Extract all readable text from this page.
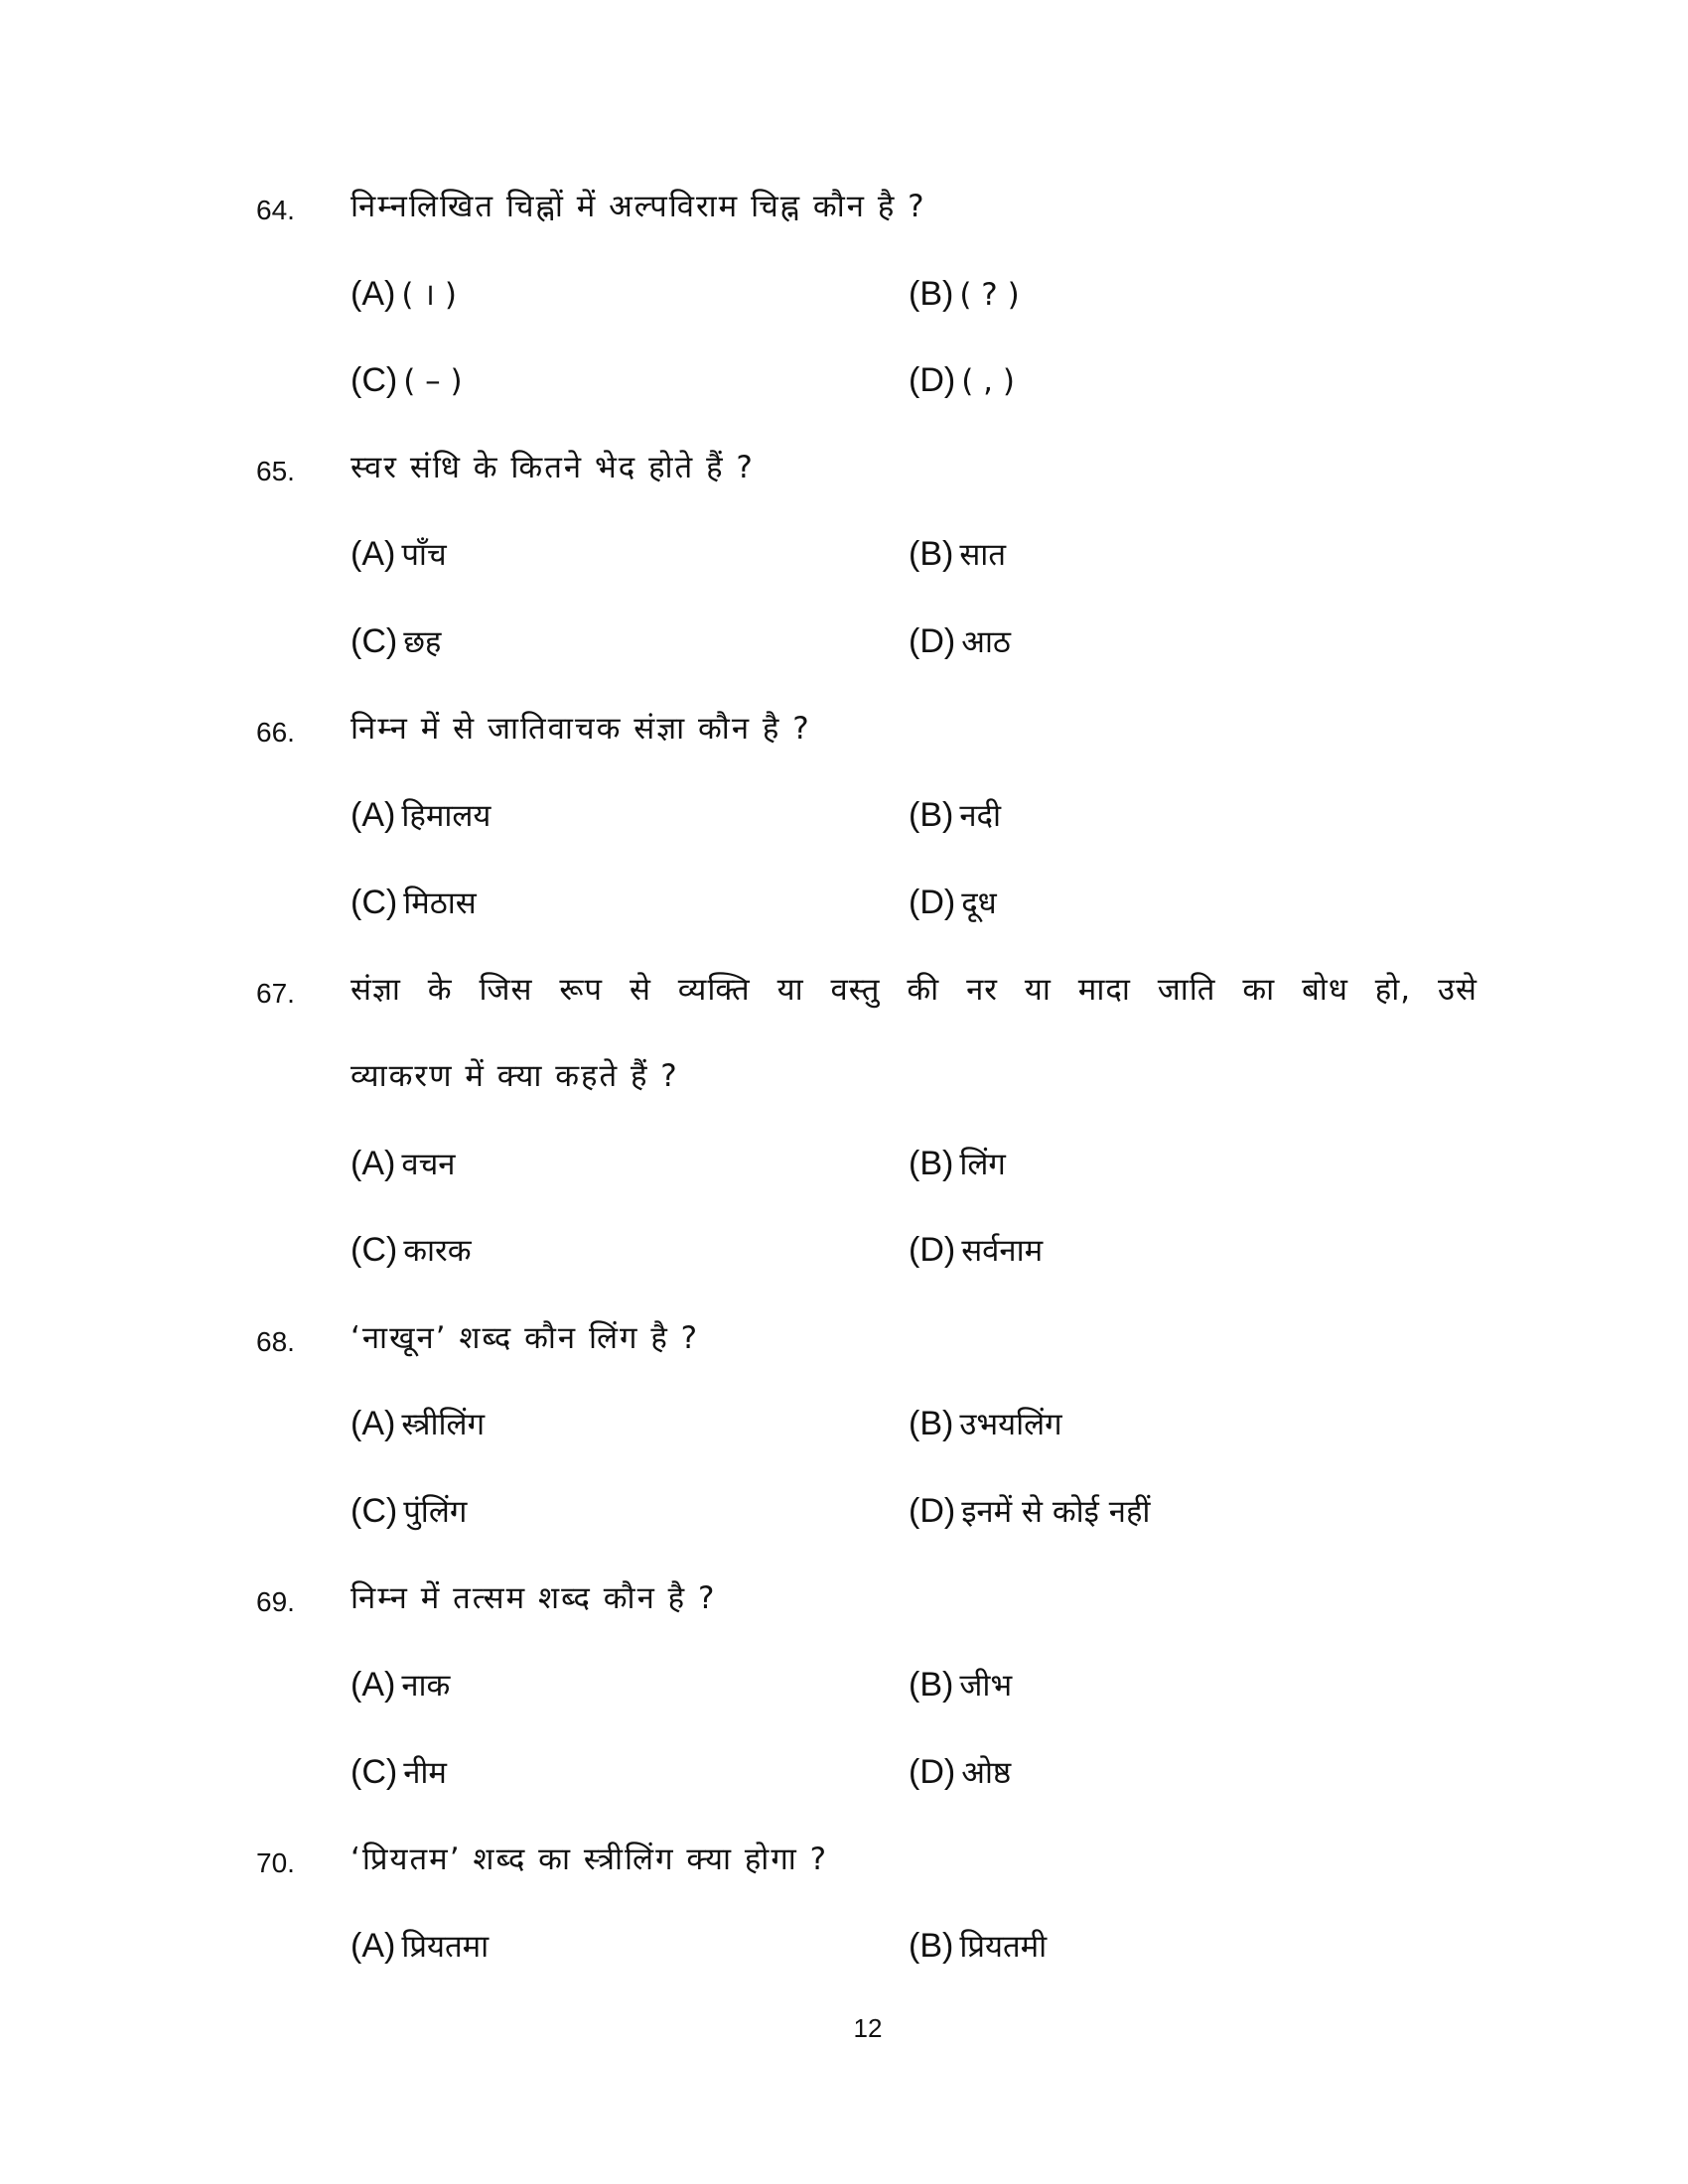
64. निम्नलिखित चिह्नों में अल्पविराम चिह्न कौन है ?
(A) ( । )	(B) ( ? )
(C) ( – )	(D) ( , )
65. स्वर संधि के कितने भेद होते हैं ?
(A) पाँच	(B) सात
(C) छह	(D) आठ
66. निम्न में से जातिवाचक संज्ञा कौन है ?
(A) हिमालय	(B) नदी
(C) मिठास	(D) दूध
67. संज्ञा के जिस रूप से व्यक्ति या वस्तु की नर या मादा जाति का बोध हो, उसे
व्याकरण में क्या कहते हैं ?
(A) वचन	(B) लिंग
(C) कारक	(D) सर्वनाम
68. ‘नाखून’ शब्द कौन लिंग है ?
(A) स्त्रीलिंग	(B) उभयलिंग
(C) पुंलिंग	(D) इनमें से कोई नहीं
69. निम्न में तत्सम शब्द कौन है ?
(A) नाक	(B) जीभ
(C) नीम	(D) ओष्ठ
70. ‘प्रियतम’ शब्द का स्त्रीलिंग क्या होगा ?
(A) प्रियतमा	(B) प्रियतमी
12
